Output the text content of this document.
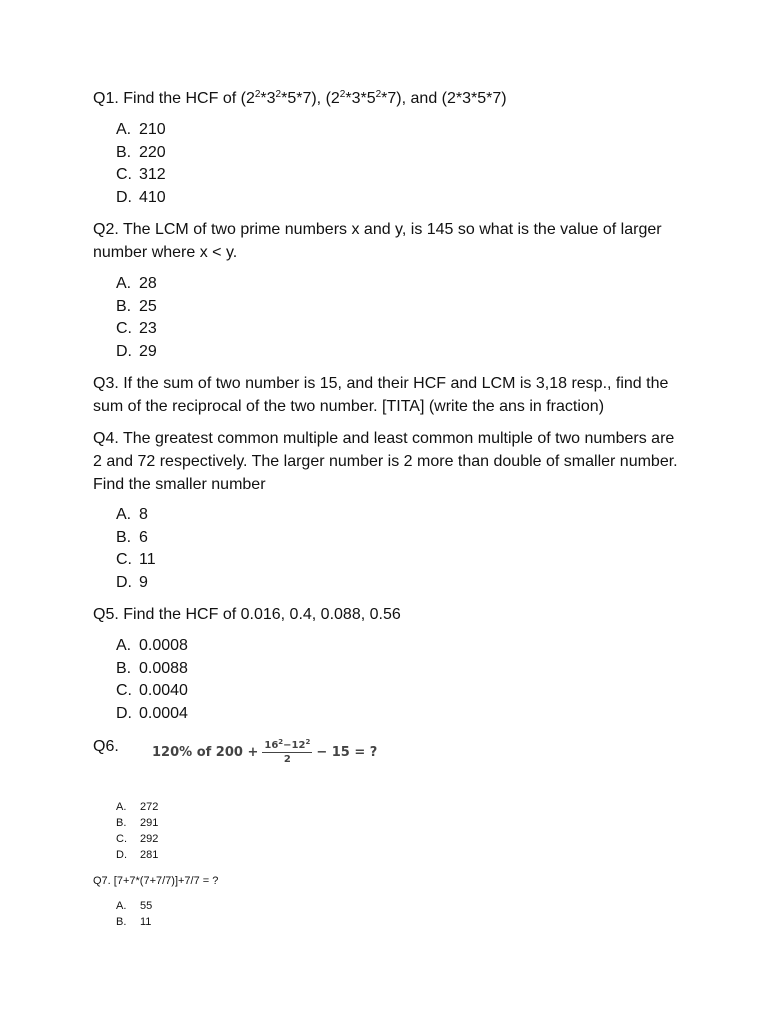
Q1. Find the HCF of $(2^2*3^2*5*7)$, $(2^2*3*5^2*7)$, and (2*3*5*7)

A. 210
B. 220
C. 312
D. 410

Q2. The LCM of two prime numbers x and y, is 145 so what is the value of larger number where x < y.

A. 28
B. 25
C. 23
D. 29

Q3. If the sum of two number is 15, and their HCF and LCM is 3,18 resp., find the sum of the reciprocal of the two number. [TITA] (write the ans in fraction)

Q4. The greatest common multiple and least common multiple of two numbers are 2 and 72 respectively. The larger number is 2 more than double of smaller number. Find the smaller number

A. 8
B. 6
C. 11
D. 9

Q5. Find the HCF of 0.016, 0.4, 0.088, 0.56

A. 0.0008
B. 0.0088
C. 0.0040
D. 0.0004

Q6.	120% of $200 + \frac{16^2-12^2}{2} - 15$ = ?
A.	272
B.	291
C.	292
D.	281

Q7. [7+7*(7+7/7)]+7/7 = ?

A.	55
B.	11
